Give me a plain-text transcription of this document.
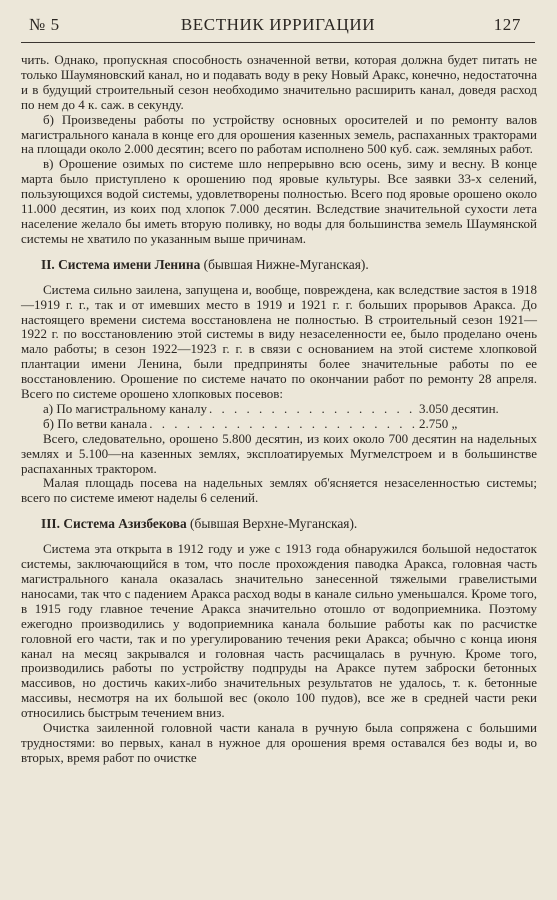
№ 5	ВЕСТНИК ИРРИГАЦИИ	127

чить. Однако, пропускная способность означенной ветви, которая должна будет питать не только Шаумяновский канал, но и подавать воду в реку Новый Аракс, конечно, недостаточна и в будущий строительный сезон необходимо значительно расширить канал, доведя расход по нем до 4 к. саж. в секунду.

б) Произведены работы по устройству основных оросителей и по ремонту валов магистрального канала в конце его для орошения казенных земель, распаханных тракторами на площади около 2.000 десятин; всего по работам исполнено 500 куб. саж. земляных работ.

в) Орошение озимых по системе шло непрерывно всю осень, зиму и весну. В конце марта было приступлено к орошению под яровые культуры. Все заявки 33-х селений, пользующихся водой системы, удовлетворены полностью. Всего под яровые орошено около 11.000 десятин, из коих под хлопок 7.000 десятин. Вследствие значительной сухости лета население желало бы иметь вторую поливку, но воды для большинства земель Шаумянской системы не хватило по указанным выше причинам.

II. Система имени Ленина (бывшая Нижне-Муганская).

Система сильно заилена, запущена и, вообще, повреждена, как вследствие застоя в 1918—1919 г. г., так и от имевших место в 1919 и 1921 г. г. больших прорывов Аракса. До настоящего времени система восстановлена не полностью. В строительный сезон 1921—1922 г. по восстановлению этой системы в виду незаселенности ее, было проделано очень мало работы; в сезон 1922—1923 г. г. в связи с основанием на этой системе хлопковой плантации имени Ленина, были предприняты более значительные работы по ее восстановлению. Орошение по системе начато по окончании работ по ремонту 28 апреля. Всего по системе орошено хлопковых посевов:

а) По магистральному каналу . . .	3.050 десятин.
б) По ветви канала . . .	2.750 „

Всего, следовательно, орошено 5.800 десятин, из коих около 700 десятин на надельных землях и 5.100—на казенных землях, эксплоатируемых Мугмелстроем и в большинстве распаханных трактором.

Малая площадь посева на надельных землях об'ясняется незаселенностью системы; всего по системе имеют наделы 6 селений.

III. Система Азизбекова (бывшая Верхне-Муганская).

Система эта открыта в 1912 году и уже с 1913 года обнаружился большой недостаток системы, заключающийся в том, что после прохождения паводка Аракса, головная часть магистрального канала оказалась значительно занесенной тяжелыми гравелистыми наносами, так что с падением Аракса расход воды в канале сильно уменьшался. Кроме того, в 1915 году главное течение Аракса значительно отошло от водоприемника. Поэтому ежегодно производились у водоприемника канала большие работы как по расчистке головной его части, так и по урегулированию течения реки Аракса; обычно с конца июня канал на месяц закрывался и головная часть расчищалась в ручную. Кроме того, производились работы по устройству подпруды на Араксе путем заброски бетонных массивов, но достичь каких-либо значительных результатов не удалось, т. к. бетонные массивы, несмотря на их большой вес (около 100 пудов), все же в средней части реки относились быстрым течением вниз.

Очистка заиленной головной части канала в ручную была сопряжена с большими трудностями: во первых, канал в нужное для орошения время оставался без воды и, во вторых, время работ по очистке
